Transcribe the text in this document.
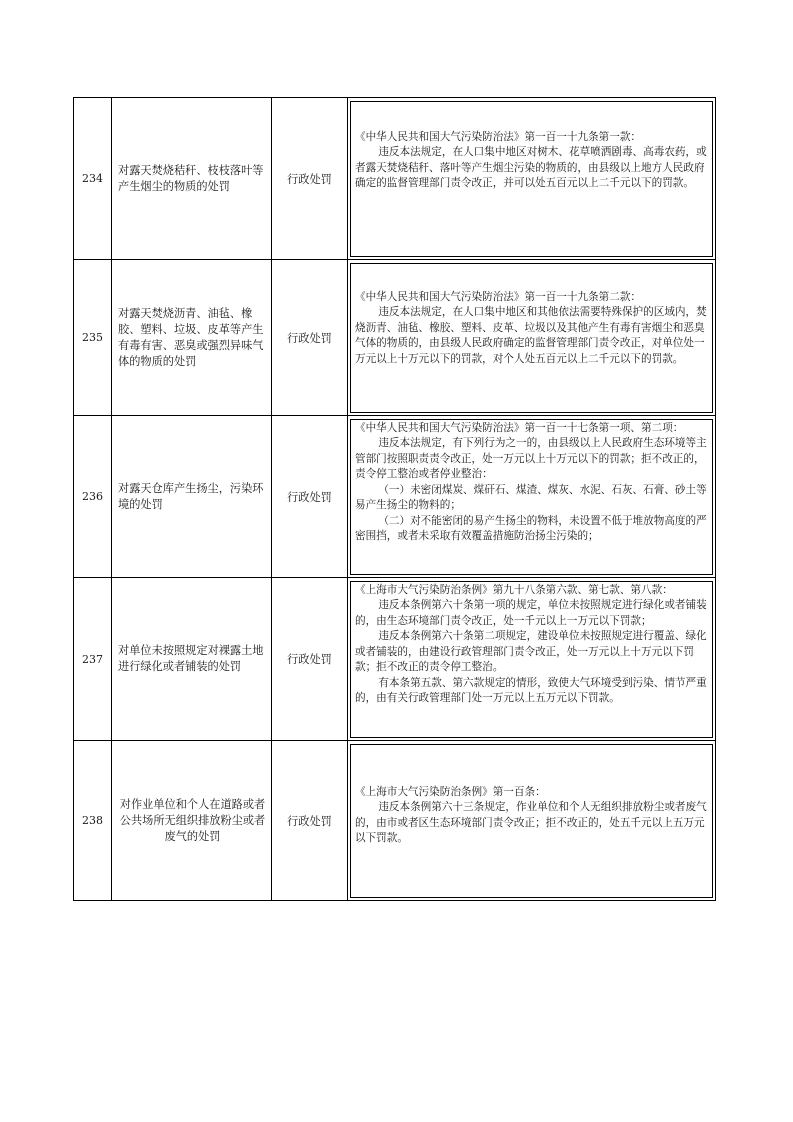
234	对露天焚烧秸秆、枝枝落叶等产生烟尘的物质的处罚	行政处罚	《中华人民共和国大气污染防治法》第一百一十九条第一款：

违反本法规定，在人口集中地区对树木、花草喷洒剧毒、高毒农药，或者露天焚烧秸秆、落叶等产生烟尘污染的物质的，由县级以上地方人民政府确定的监督管理部门责令改正，并可以处五百元以上二千元以下的罚款。

235	对露天焚烧沥青、油毡、橡胶、塑料、垃圾、皮革等产生有毒有害、恶臭或强烈异味气体的物质的处罚	行政处罚	《中华人民共和国大气污染防治法》第一百一十九条第二款：

违反本法规定，在人口集中地区和其他依法需要特殊保护的区域内，焚烧沥青、油毡、橡胶、塑料、皮革、垃圾以及其他产生有毒有害烟尘和恶臭气体的物质的，由县级人民政府确定的监督管理部门责令改正，对单位处一万元以上十万元以下的罚款，对个人处五百元以上二千元以下的罚款。

236	对露天仓库产生扬尘，污染环境的处罚	行政处罚	《中华人民共和国大气污染防治法》第一百一十七条第一项、第二项：

违反本法规定，有下列行为之一的，由县级以上人民政府生态环境等主管部门按照职责责令改正，处一万元以上十万元以下的罚款；拒不改正的，责令停工整治或者停业整治：

（一）未密闭煤炭、煤矸石、煤渣、煤灰、水泥、石灰、石膏、砂土等易产生扬尘的物料的；

（二）对不能密闭的易产生扬尘的物料，未设置不低于堆放物高度的严密围挡，或者未采取有效覆盖措施防治扬尘污染的；

237	对单位未按照规定对裸露土地进行绿化或者铺装的处罚	行政处罚	《上海市大气污染防治条例》第九十八条第六款、第七款、第八款：

违反本条例第六十条第一项的规定，单位未按照规定进行绿化或者铺装的，由生态环境部门责令改正，处一千元以上一万元以下罚款；

违反本条例第六十条第二项规定，建设单位未按照规定进行覆盖、绿化或者铺装的，由建设行政管理部门责令改正，处一万元以上十万元以下罚款；拒不改正的责令停工整治。

有本条第五款、第六款规定的情形，致使大气环境受到污染、情节严重的，由有关行政管理部门处一万元以上五万元以下罚款。

238	对作业单位和个人在道路或者公共场所无组织排放粉尘或者废气的处罚	行政处罚	《上海市大气污染防治条例》第一百条：

违反本条例第六十三条规定，作业单位和个人无组织排放粉尘或者废气的，由市或者区生态环境部门责令改正；拒不改正的，处五千元以上五万元以下罚款。
